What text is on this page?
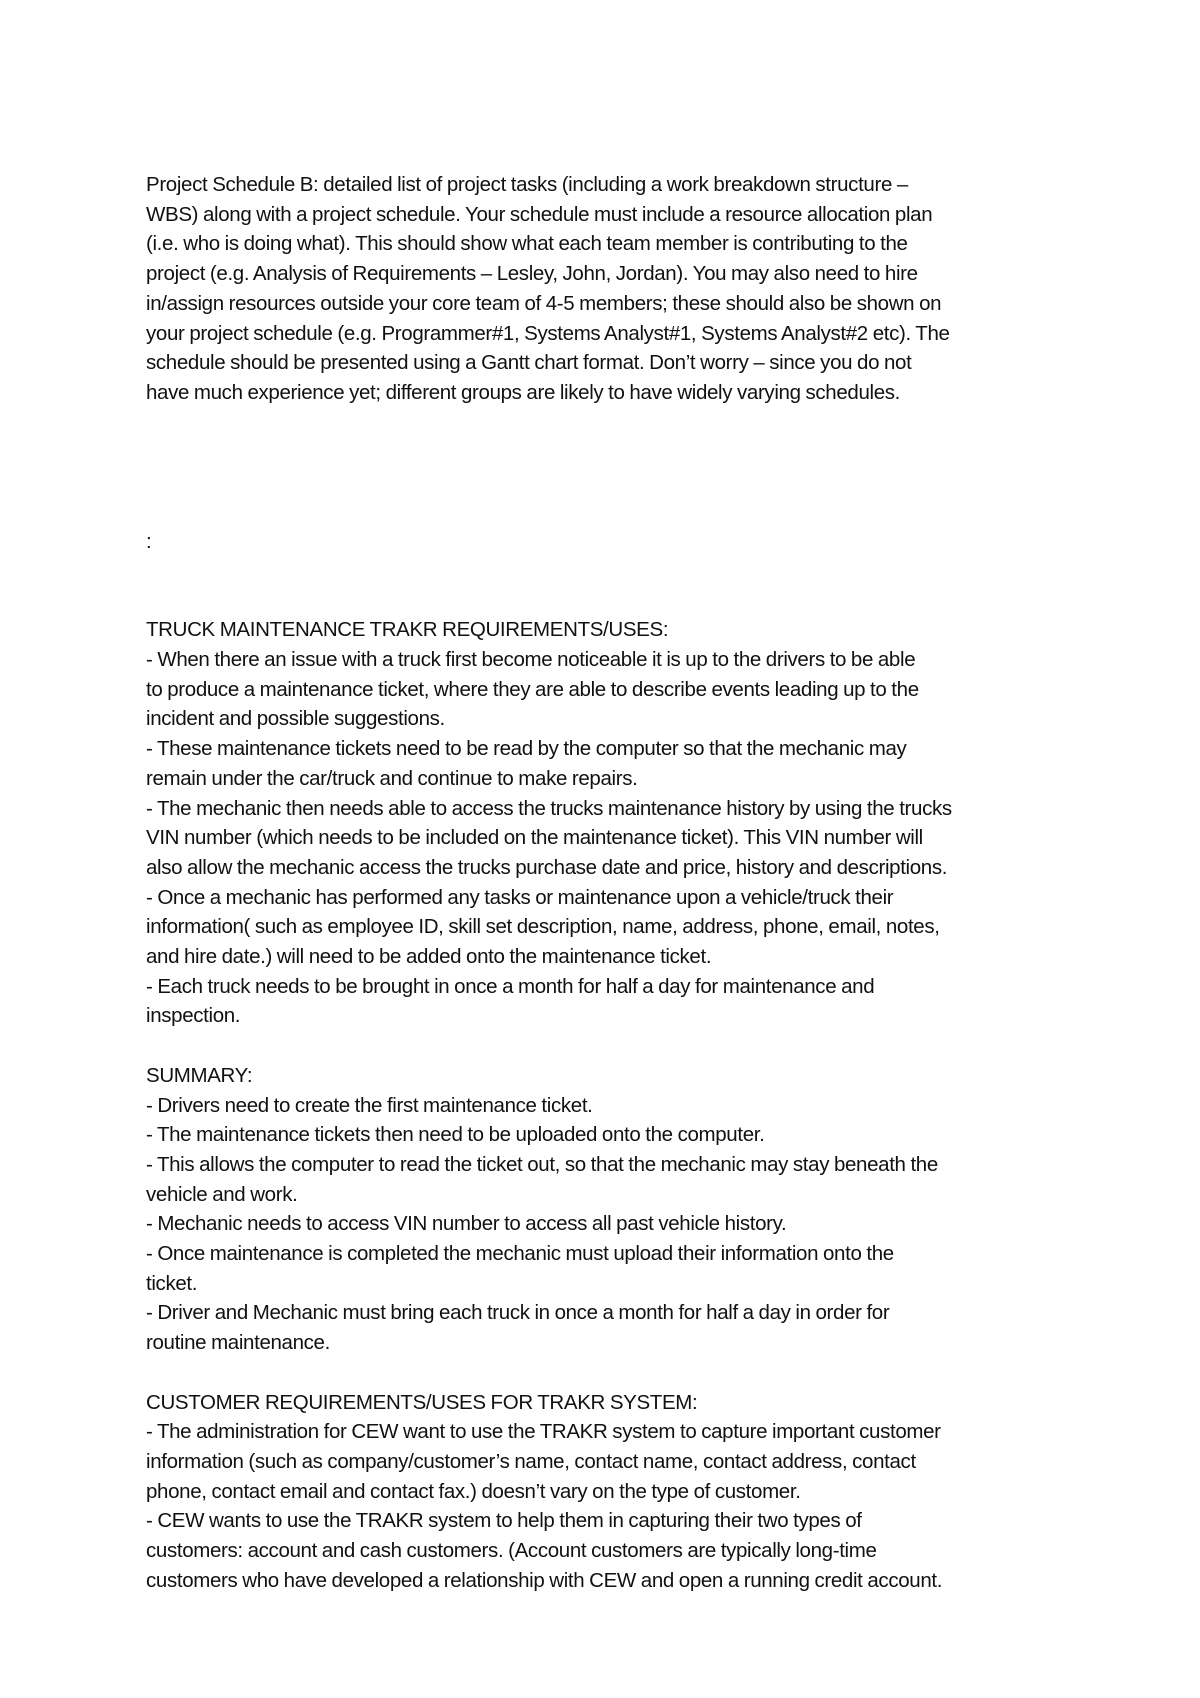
Project Schedule B: detailed list of project tasks (including a work breakdown structure –
WBS) along with a project schedule. Your schedule must include a resource allocation plan
(i.e. who is doing what). This should show what each team member is contributing to the
project (e.g. Analysis of Requirements – Lesley, John, Jordan). You may also need to hire
in/assign resources outside your core team of 4-5 members; these should also be shown on
your project schedule (e.g. Programmer#1, Systems Analyst#1, Systems Analyst#2 etc). The
schedule should be presented using a Gantt chart format. Don’t worry – since you do not
have much experience yet; different groups are likely to have widely varying schedules.
:
TRUCK MAINTENANCE TRAKR REQUIREMENTS/USES:
- When there an issue with a truck first become noticeable it is up to the drivers to be able
to produce a maintenance ticket, where they are able to describe events leading up to the
incident and possible suggestions.
- These maintenance tickets need to be read by the computer so that the mechanic may
remain under the car/truck and continue to make repairs.
- The mechanic then needs able to access the trucks maintenance history by using the trucks
VIN number (which needs to be included on the maintenance ticket). This VIN number will
also allow the mechanic access the trucks purchase date and price, history and descriptions.
- Once a mechanic has performed any tasks or maintenance upon a vehicle/truck their
information( such as employee ID, skill set description, name, address, phone, email, notes,
and hire date.) will need to be added onto the maintenance ticket.
- Each truck needs to be brought in once a month for half a day for maintenance and
inspection.
SUMMARY:
- Drivers need to create the first maintenance ticket.
- The maintenance tickets then need to be uploaded onto the computer.
- This allows the computer to read the ticket out, so that the mechanic may stay beneath the
vehicle and work.
- Mechanic needs to access VIN number to access all past vehicle history.
- Once maintenance is completed the mechanic must upload their information onto the
ticket.
- Driver and Mechanic must bring each truck in once a month for half a day in order for
routine maintenance.
CUSTOMER REQUIREMENTS/USES FOR TRAKR SYSTEM:
- The administration for CEW want to use the TRAKR system to capture important customer
information (such as company/customer’s name, contact name, contact address, contact
phone, contact email and contact fax.) doesn’t vary on the type of customer.
- CEW wants to use the TRAKR system to help them in capturing their two types of
customers: account and cash customers. (Account customers are typically long-time
customers who have developed a relationship with CEW and open a running credit account.
